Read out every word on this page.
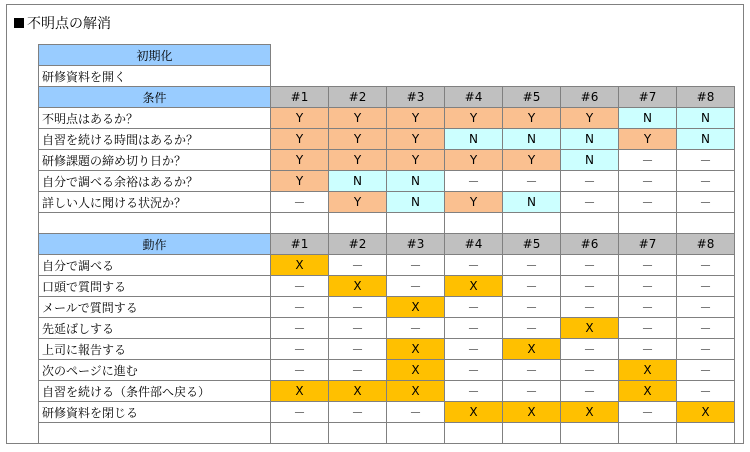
不明点の解消
初期化								
研修資料を開く								
条件	#1	#2	#3	#4	#5	#6	#7	#8
不明点はあるか？	Y	Y	Y	Y	Y	Y	N	N
自習を続ける時間はあるか？	Y	Y	Y	N	N	N	Y	N
研修課題の締め切り日か？	Y	Y	Y	Y	Y	N	－	－
自分で調べる余裕はあるか？	Y	N	N	－	－	－	－	－
詳しい人に聞ける状況か？	－	Y	N	Y	N	－	－	－

動作	#1	#2	#3	#4	#5	#6	#7	#8
自分で調べる	X	－	－	－	－	－	－	－
口頭で質問する	－	X	－	X	－	－	－	－
メールで質問する	－	－	X	－	－	－	－	－
先延ばしする	－	－	－	－	－	X	－	－
上司に報告する	－	－	X	－	X	－	－	－
次のページに進む	－	－	X	－	－	－	X	－
自習を続ける（条件部へ戻る）	X	X	X	－	－	－	X	－
研修資料を閉じる	－	－	－	X	X	X	－	X
